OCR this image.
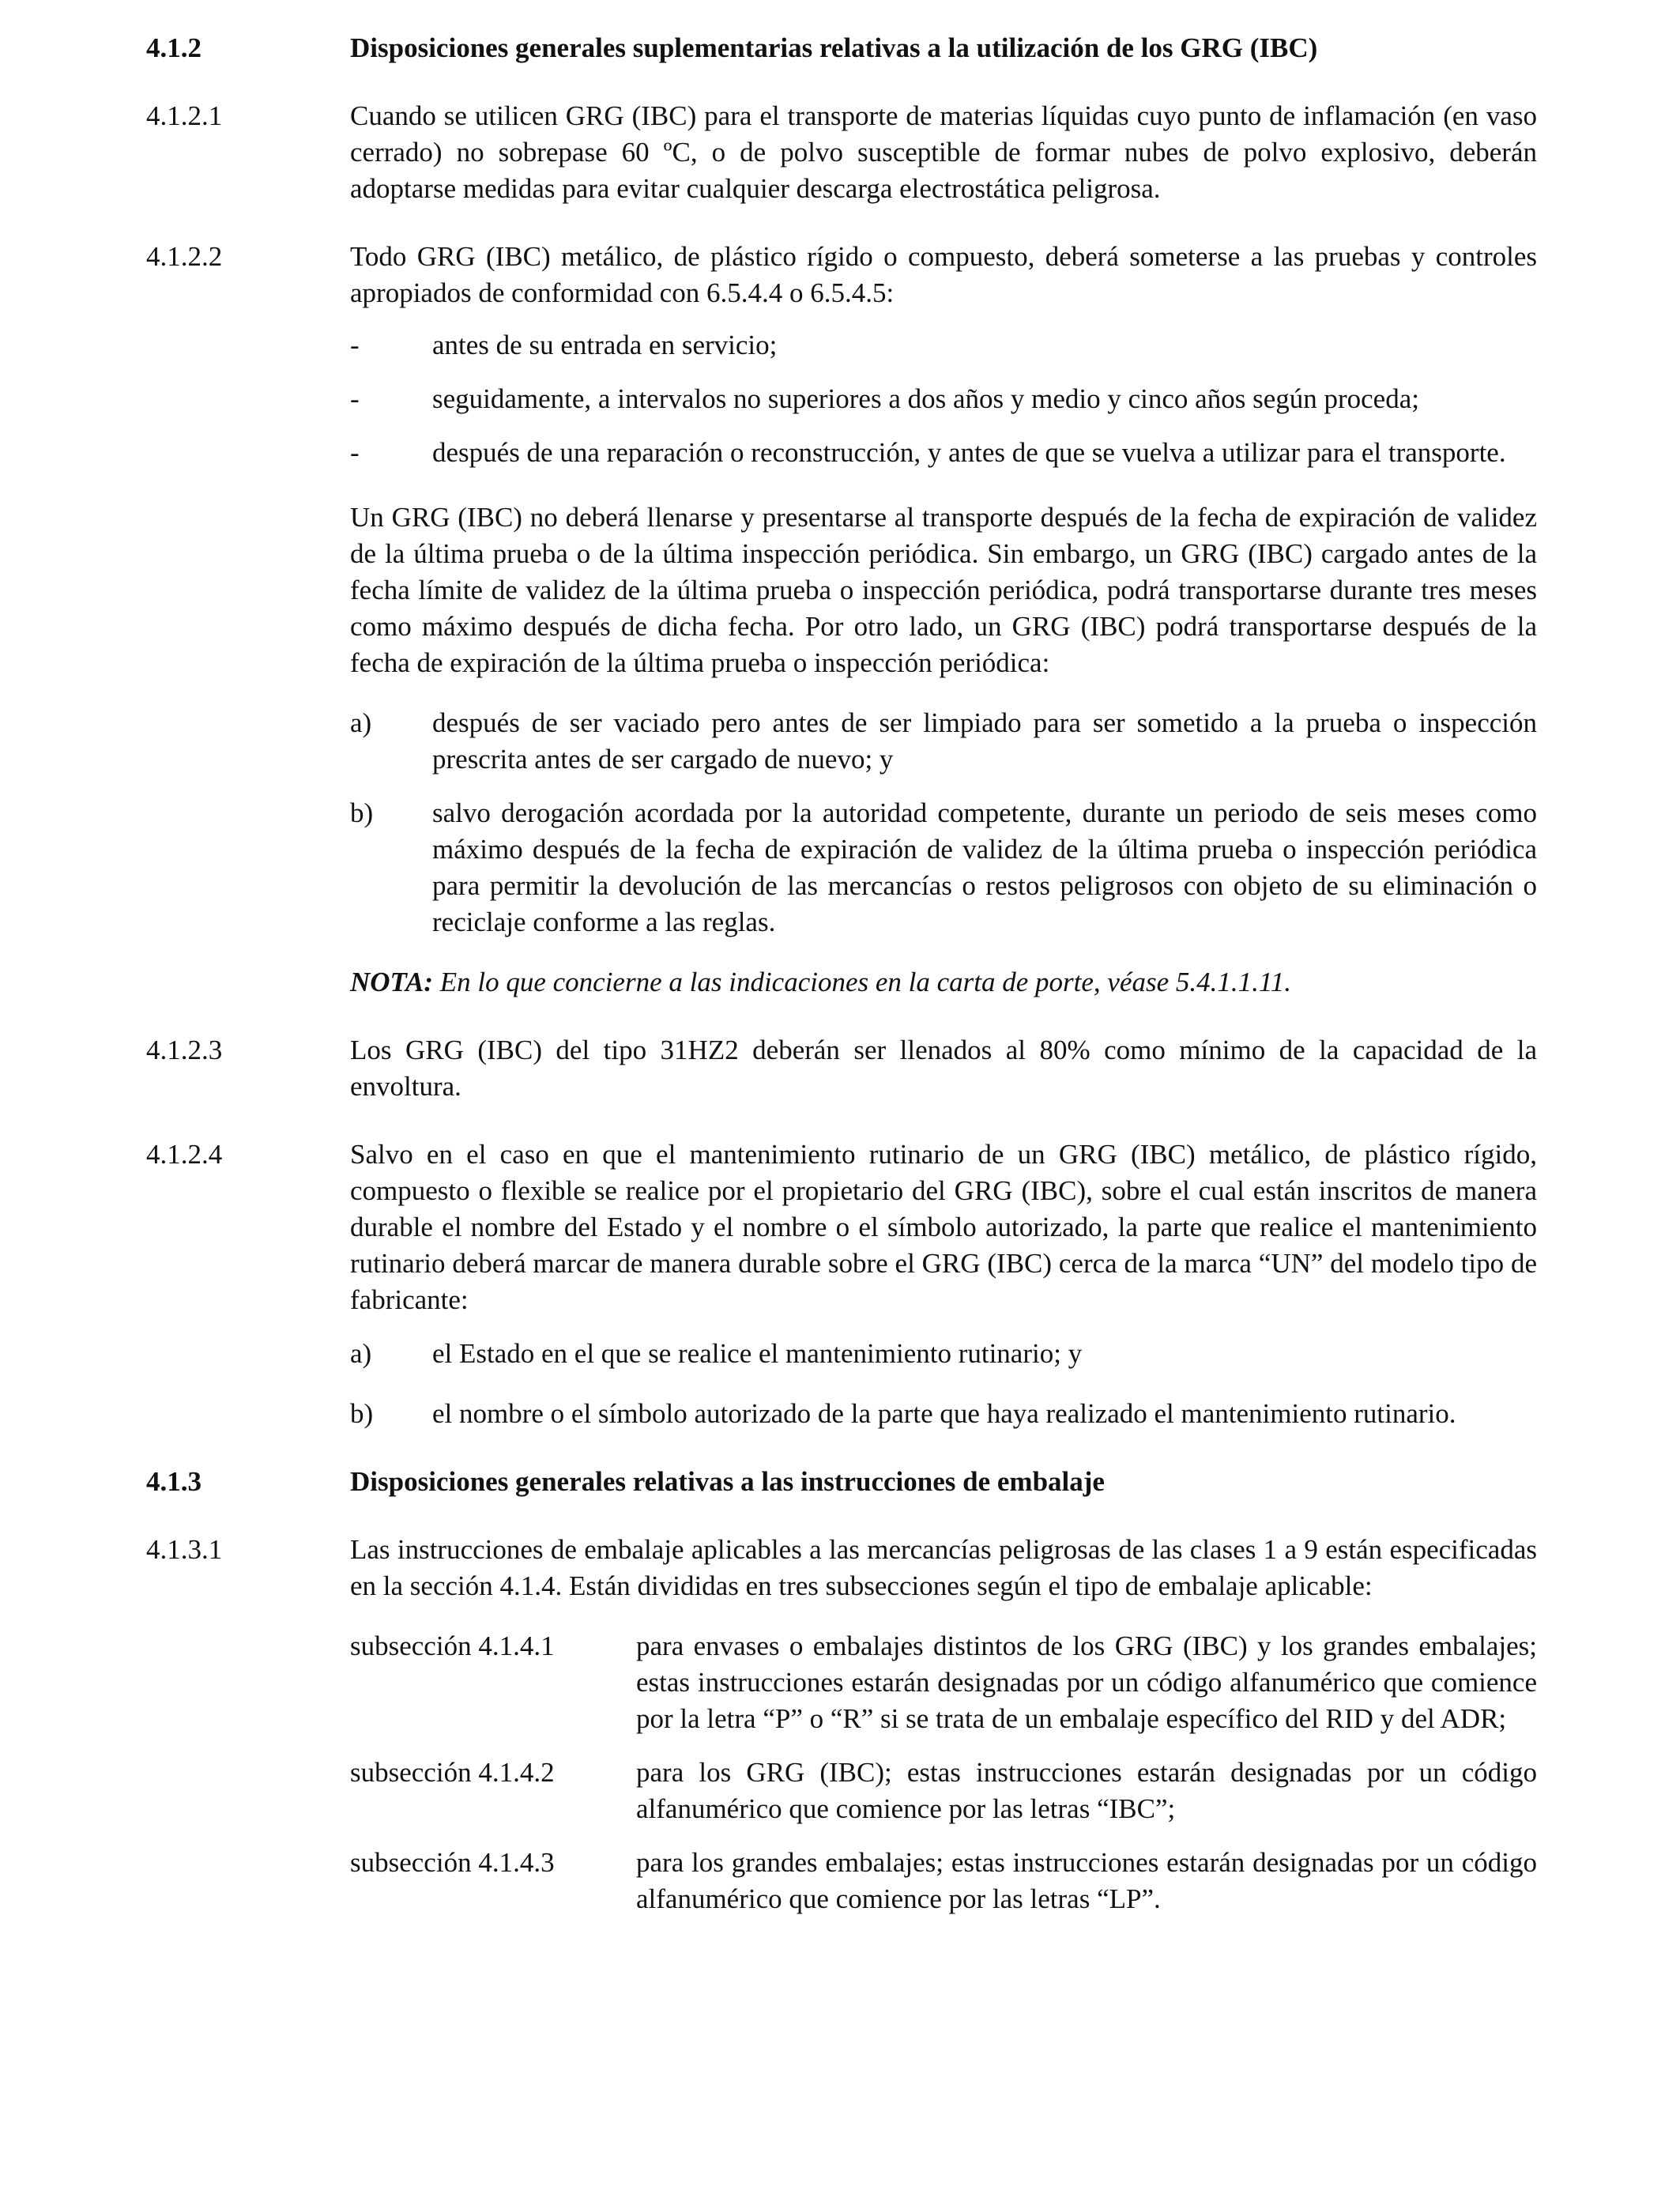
4.1.2	Disposiciones generales suplementarias relativas a la utilización de los GRG (IBC)
4.1.2.1	Cuando se utilicen GRG (IBC) para el transporte de materias líquidas cuyo punto de inflamación (en vaso cerrado) no sobrepase 60 ºC, o de polvo susceptible de formar nubes de polvo explosivo, deberán adoptarse medidas para evitar cualquier descarga electrostática peligrosa.
4.1.2.2	Todo GRG (IBC) metálico, de plástico rígido o compuesto, deberá someterse a las pruebas y controles apropiados de conformidad con 6.5.4.4 o 6.5.4.5:

-	antes de su entrada en servicio;
-	seguidamente, a intervalos no superiores a dos años y medio y cinco años según proceda;
-	después de una reparación o reconstrucción, y antes de que se vuelva a utilizar para el transporte.

Un GRG (IBC) no deberá llenarse y presentarse al transporte después de la fecha de expiración de validez de la última prueba o de la última inspección periódica. Sin embargo, un GRG (IBC) cargado antes de la fecha límite de validez de la última prueba o inspección periódica, podrá transportarse durante tres meses como máximo después de dicha fecha. Por otro lado, un GRG (IBC) podrá transportarse después de la fecha de expiración de la última prueba o inspección periódica:

a)	después de ser vaciado pero antes de ser limpiado para ser sometido a la prueba o inspección prescrita antes de ser cargado de nuevo; y
b)	salvo derogación acordada por la autoridad competente, durante un periodo de seis meses como máximo después de la fecha de expiración de validez de la última prueba o inspección periódica para permitir la devolución de las mercancías o restos peligrosos con objeto de su eliminación o reciclaje conforme a las reglas.

NOTA: En lo que concierne a las indicaciones en la carta de porte, véase 5.4.1.1.11.

4.1.2.3	Los GRG (IBC) del tipo 31HZ2 deberán ser llenados al 80% como mínimo de la capacidad de la envoltura.
4.1.2.4	Salvo en el caso en que el mantenimiento rutinario de un GRG (IBC) metálico, de plástico rígido, compuesto o flexible se realice por el propietario del GRG (IBC), sobre el cual están inscritos de manera durable el nombre del Estado y el nombre o el símbolo autorizado, la parte que realice el mantenimiento rutinario deberá marcar de manera durable sobre el GRG (IBC) cerca de la marca “UN” del modelo tipo de fabricante:

a)	el Estado en el que se realice el mantenimiento rutinario; y
b)	el nombre o el símbolo autorizado de la parte que haya realizado el mantenimiento rutinario.
4.1.3	Disposiciones generales relativas a las instrucciones de embalaje
4.1.3.1	Las instrucciones de embalaje aplicables a las mercancías peligrosas de las clases 1 a 9 están especificadas en la sección 4.1.4. Están divididas en tres subsecciones según el tipo de embalaje aplicable:

subsección 4.1.4.1	para envases o embalajes distintos de los GRG (IBC) y los grandes embalajes; estas instrucciones estarán designadas por un código alfanumérico que comience por la letra “P” o “R” si se trata de un embalaje específico del RID y del ADR;
subsección 4.1.4.2	para los GRG (IBC); estas instrucciones estarán designadas por un código alfanumérico que comience por las letras “IBC”;
subsección 4.1.4.3	para los grandes embalajes; estas instrucciones estarán designadas por un código alfanumérico que comience por las letras “LP”.
